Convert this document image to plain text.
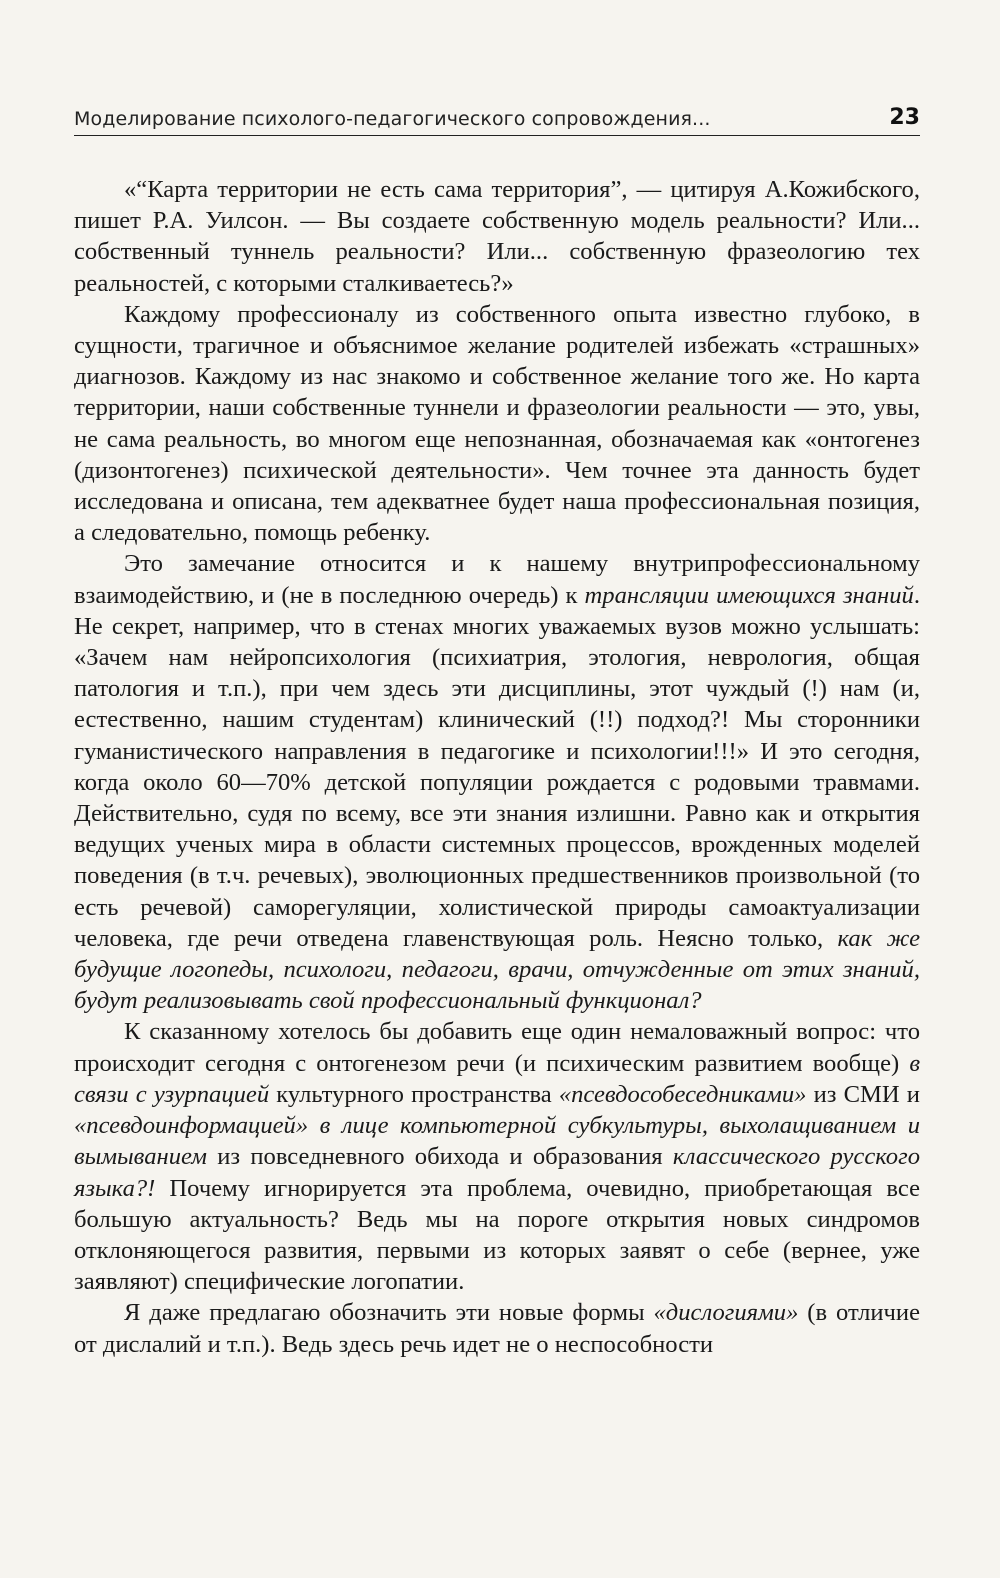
Моделирование психолого-педагогического сопровождения...	23

«“Карта территории не есть сама территория”, — цитируя А.Кожибского, пишет Р.А. Уилсон. — Вы создаете собственную модель реальности? Или... собственный туннель реальности? Или... собственную фразеологию тех реальностей, с которыми сталкиваетесь?»

Каждому профессионалу из собственного опыта известно глубоко, в сущности, трагичное и объяснимое желание родителей избежать «страшных» диагнозов. Каждому из нас знакомо и собственное желание того же. Но карта территории, наши собственные туннели и фразеологии реальности — это, увы, не сама реальность, во многом еще непознанная, обозначаемая как «онтогенез (дизонтогенез) психической деятельности». Чем точнее эта данность будет исследована и описана, тем адекватнее будет наша профессиональная позиция, а следовательно, помощь ребенку.

Это замечание относится и к нашему внутрипрофессиональному взаимодействию, и (не в последнюю очередь) к трансляции имеющихся знаний. Не секрет, например, что в стенах многих уважаемых вузов можно услышать: «Зачем нам нейропсихология (психиатрия, этология, неврология, общая патология и т.п.), при чем здесь эти дисциплины, этот чуждый (!) нам (и, естественно, нашим студентам) клинический (!!) подход?! Мы сторонники гуманистического направления в педагогике и психологии!!!» И это сегодня, когда около 60—70% детской популяции рождается с родовыми травмами. Действительно, судя по всему, все эти знания излишни. Равно как и открытия ведущих ученых мира в области системных процессов, врожденных моделей поведения (в т.ч. речевых), эволюционных предшественников произвольной (то есть речевой) саморегуляции, холистической природы самоактуализации человека, где речи отведена главенствующая роль. Неясно только, как же будущие логопеды, психологи, педагоги, врачи, отчужденные от этих знаний, будут реализовывать свой профессиональный функционал?

К сказанному хотелось бы добавить еще один немаловажный вопрос: что происходит сегодня с онтогенезом речи (и психическим развитием вообще) в связи с узурпацией культурного пространства «псевдособеседниками» из СМИ и «псевдоинформацией» в лице компьютерной субкультуры, выхолащиванием и вымыванием из повседневного обихода и образования классического русского языка?! Почему игнорируется эта проблема, очевидно, приобретающая все большую актуальность? Ведь мы на пороге открытия новых синдромов отклоняющегося развития, первыми из которых заявят о себе (вернее, уже заявляют) специфические логопатии.

Я даже предлагаю обозначить эти новые формы «дислогиями» (в отличие от дислалий и т.п.). Ведь здесь речь идет не о неспособности
